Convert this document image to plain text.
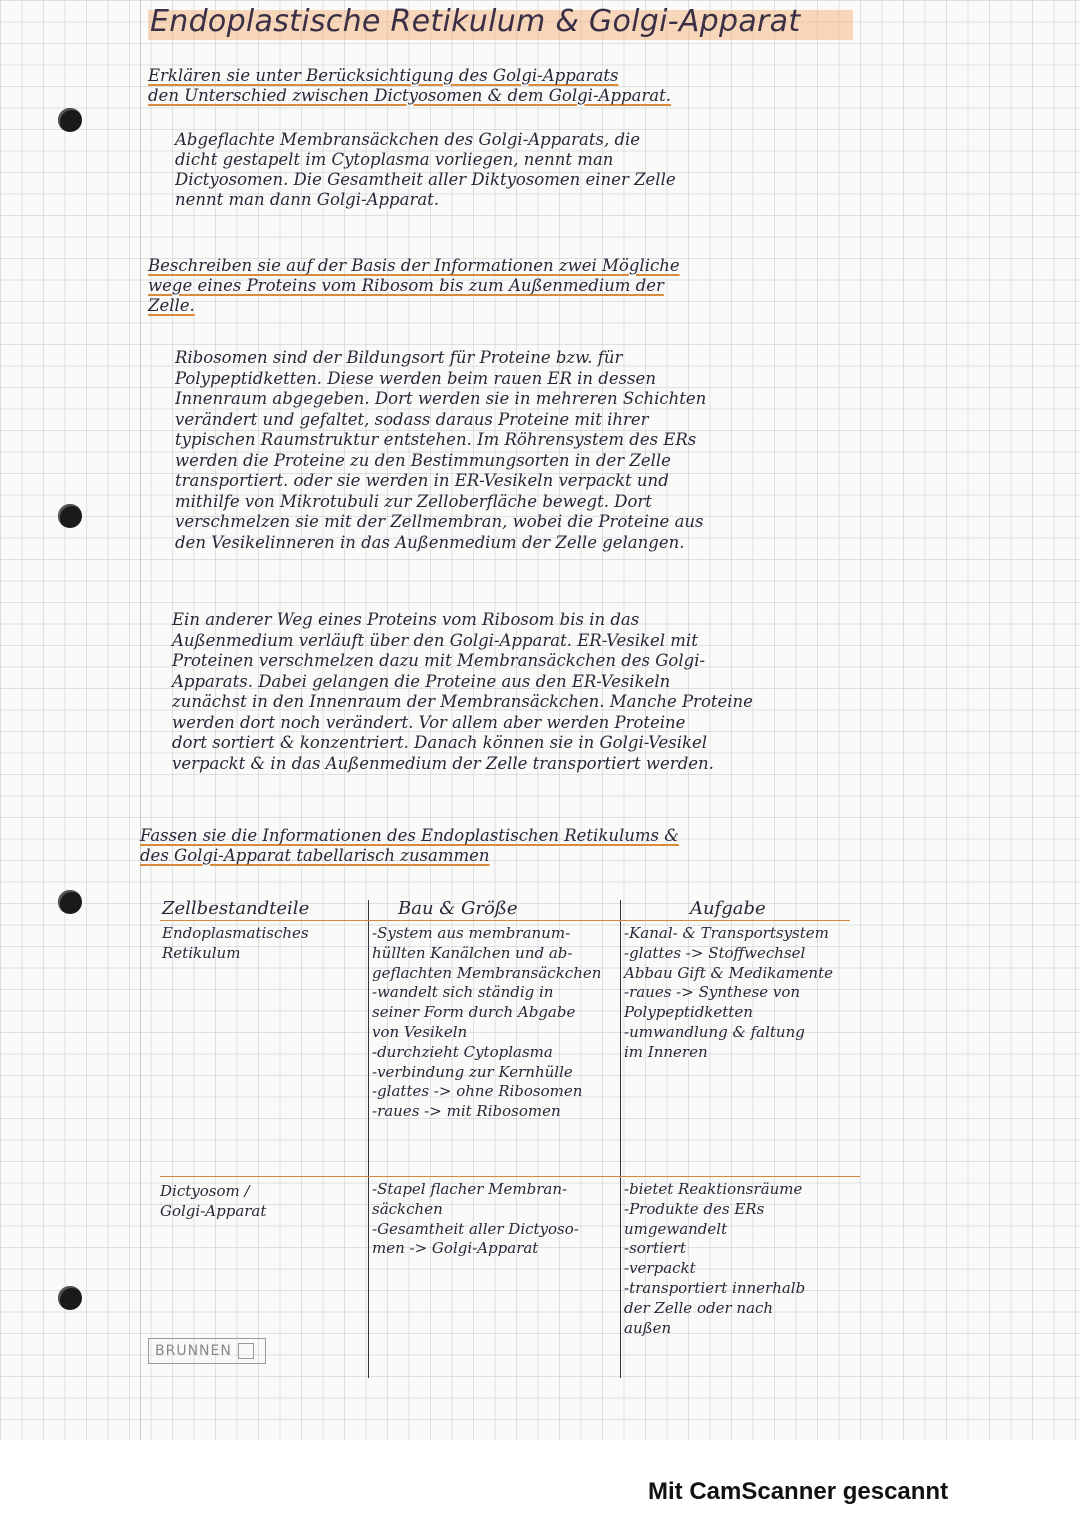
Endoplastische Retikulum & Golgi-Apparat
Erklären sie unter Berücksichtigung des Golgi-Apparats
den Unterschied zwischen Dictyosomen & dem Golgi-Apparat.
Abgeflachte Membransäckchen des Golgi-Apparats, die
dicht gestapelt im Cytoplasma vorliegen, nennt man
Dictyosomen. Die Gesamtheit aller Diktyosomen einer Zelle
nennt man dann Golgi-Apparat.
Beschreiben sie auf der Basis der Informationen zwei Mögliche
wege eines Proteins vom Ribosom bis zum Außenmedium der
Zelle.
Ribosomen sind der Bildungsort für Proteine bzw. für
Polypeptidketten. Diese werden beim rauen ER in dessen
Innenraum abgegeben. Dort werden sie in mehreren Schichten
verändert und gefaltet, sodass daraus Proteine mit ihrer
typischen Raumstruktur entstehen. Im Röhrensystem des ERs
werden die Proteine zu den Bestimmungsorten in der Zelle
transportiert. oder sie werden in ER-Vesikeln verpackt und
mithilfe von Mikrotubuli zur Zelloberfläche bewegt. Dort
verschmelzen sie mit der Zellmembran, wobei die Proteine aus
den Vesikelinneren in das Außenmedium der Zelle gelangen.
Ein anderer Weg eines Proteins vom Ribosom bis in das
Außenmedium verläuft über den Golgi-Apparat. ER-Vesikel mit
Proteinen verschmelzen dazu mit Membransäckchen des Golgi-
Apparats. Dabei gelangen die Proteine aus den ER-Vesikeln
zunächst in den Innenraum der Membransäckchen. Manche Proteine
werden dort noch verändert. Vor allem aber werden Proteine
dort sortiert & konzentriert. Danach können sie in Golgi-Vesikel
verpackt & in das Außenmedium der Zelle transportiert werden.
Fassen sie die Informationen des Endoplastischen Retikulums &
des Golgi-Apparat tabellarisch zusammen
Zellbestandteile	Bau & Größe	Aufgabe
Endoplasmatisches
Retikulum
-System aus membranum-
hüllten Kanälchen und ab-
geflachten Membransäckchen
-wandelt sich ständig in
seiner Form durch Abgabe
von Vesikeln
-durchzieht Cytoplasma
-verbindung zur Kernhülle
-glattes -> ohne Ribosomen
-raues -> mit Ribosomen
-Kanal- & Transportsystem
-glattes -> Stoffwechsel
Abbau Gift & Medikamente
-raues -> Synthese von
Polypeptidketten
-umwandlung & faltung
im Inneren
Dictyosom /
Golgi-Apparat
-Stapel flacher Membran-
säckchen
-Gesamtheit aller Dictyoso-
men -> Golgi-Apparat
-bietet Reaktionsräume
-Produkte des ERs
umgewandelt
-sortiert
-verpackt
-transportiert innerhalb
der Zelle oder nach
außen
BRUNNEN
Mit CamScanner gescannt
